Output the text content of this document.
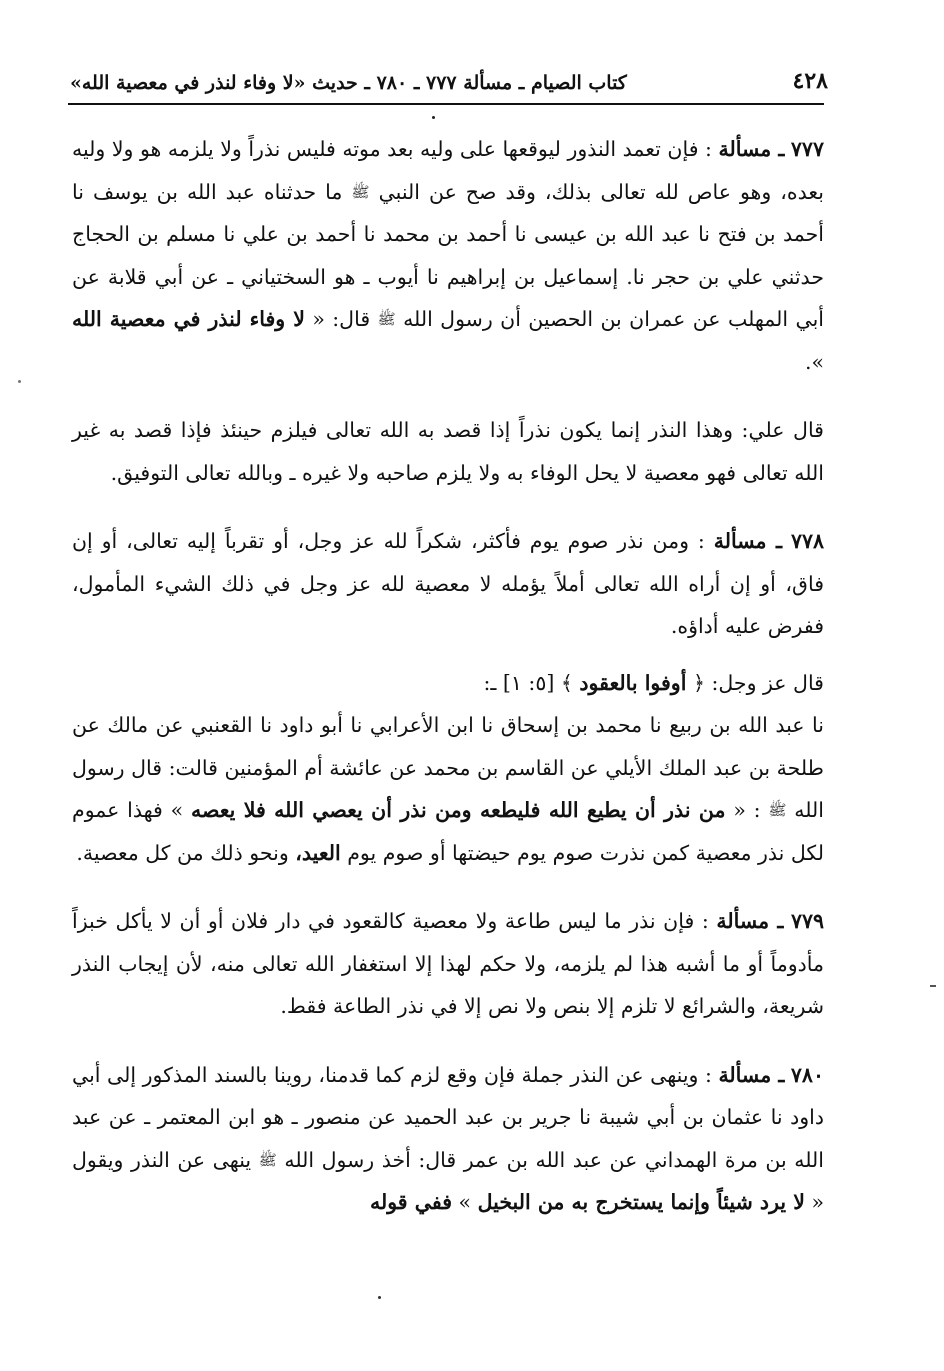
٤٢٨
كتاب الصيام ـ مسألة ٧٧٧ ـ ٧٨٠ ـ حديث «لا وفاء لنذر في معصية الله»

٧٧٧ ـ مسألة : فإن تعمد النذور ليوقعها على وليه بعد موته فليس نذراً ولا يلزمه هو ولا وليه بعده، وهو عاص لله تعالى بذلك، وقد صح عن النبي ﷺ ما حدثناه عبد الله بن يوسف نا أحمد بن فتح نا عبد الله بن عيسى نا أحمد بن محمد نا أحمد بن علي نا مسلم بن الحجاج حدثني علي بن حجر نا. إسماعيل بن إبراهيم نا أيوب ـ هو السختياني ـ عن أبي قلابة عن أبي المهلب عن عمران بن الحصين أن رسول الله ﷺ قال: « لا وفاء لنذر في معصية الله ».

قال علي: وهذا النذر إنما يكون نذراً إذا قصد به الله تعالى فيلزم حينئذ فإذا قصد به غير الله تعالى فهو معصية لا يحل الوفاء به ولا يلزم صاحبه ولا غيره ـ وبالله تعالى التوفيق.

٧٧٨ ـ مسألة : ومن نذر صوم يوم فأكثر، شكراً لله عز وجل، أو تقرباً إليه تعالى، أو إن فاق، أو إن أراه الله تعالى أملاً يؤمله لا معصية لله عز وجل في ذلك الشيء المأمول، ففرض عليه أداؤه.

قال عز وجل: ﴿ أوفوا بالعقود ﴾ [٥: ١] ـ:

نا عبد الله بن ربيع نا محمد بن إسحاق نا ابن الأعرابي نا أبو داود نا القعنبي عن مالك عن طلحة بن عبد الملك الأيلي عن القاسم بن محمد عن عائشة أم المؤمنين قالت: قال رسول الله ﷺ : « من نذر أن يطيع الله فليطعه ومن نذر أن يعصي الله فلا يعصه » فهذا عموم لكل نذر معصية كمن نذرت صوم يوم حيضتها أو صوم يوم العيد، ونحو ذلك من كل معصية.

٧٧٩ ـ مسألة : فإن نذر ما ليس طاعة ولا معصية كالقعود في دار فلان أو أن لا يأكل خبزاً مأدوماً أو ما أشبه هذا لم يلزمه، ولا حكم لهذا إلا استغفار الله تعالى منه، لأن إيجاب النذر شريعة، والشرائع لا تلزم إلا بنص ولا نص إلا في نذر الطاعة فقط.

٧٨٠ ـ مسألة : وينهى عن النذر جملة فإن وقع لزم كما قدمنا، روينا بالسند المذكور إلى أبي داود نا عثمان بن أبي شيبة نا جرير بن عبد الحميد عن منصور ـ هو ابن المعتمر ـ عن عبد الله بن مرة الهمداني عن عبد الله بن عمر قال: أخذ رسول الله ﷺ ينهى عن النذر ويقول « لا يرد شيئاً وإنما يستخرج به من البخيل » ففي قوله
